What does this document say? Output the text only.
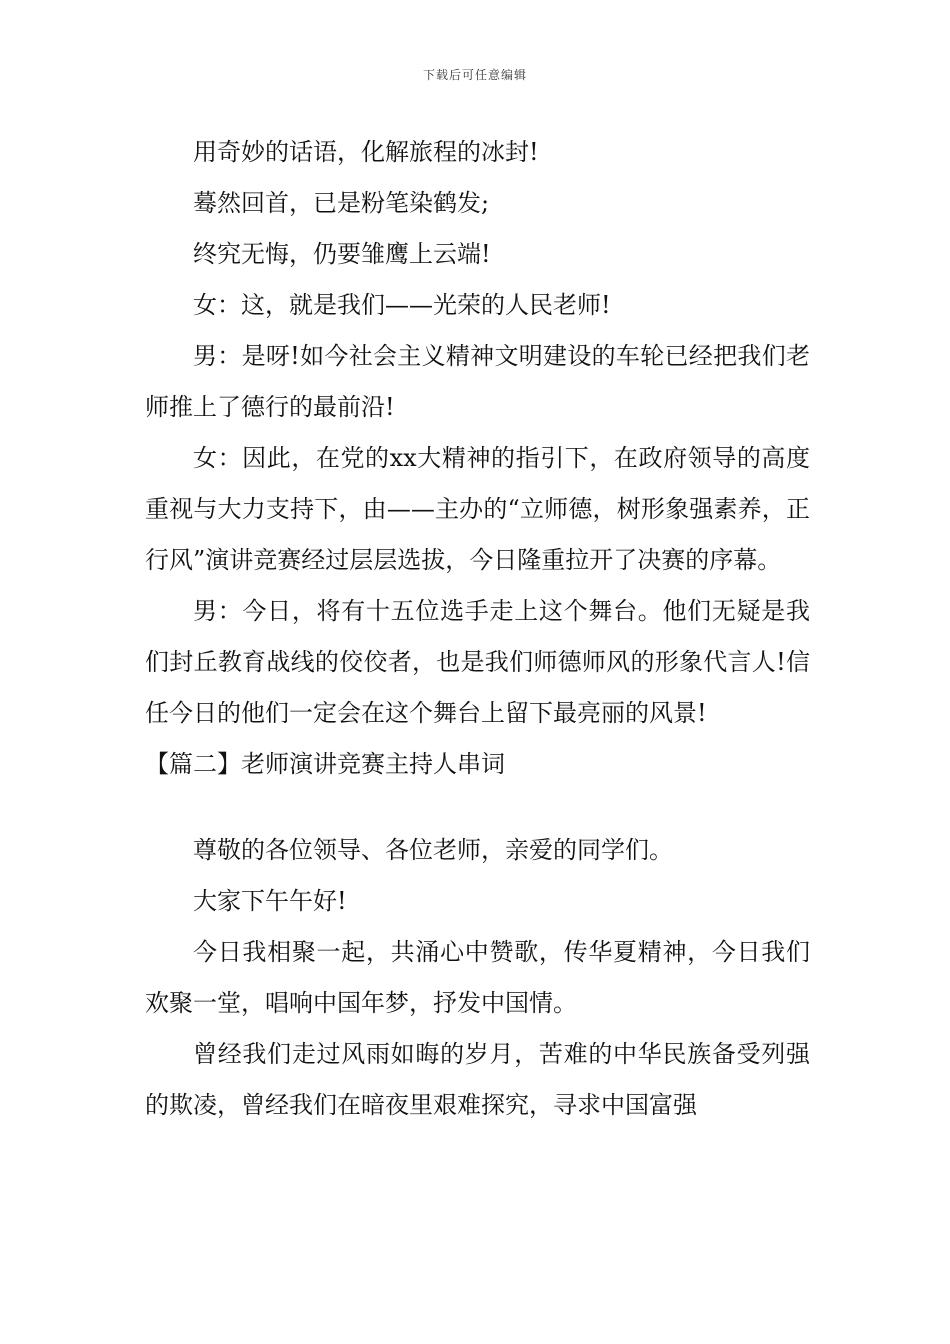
下载后可任意编辑

用奇妙的话语，化解旅程的冰封!

蓦然回首，已是粉笔染鹤发;

终究无悔，仍要雏鹰上云端!

女：这，就是我们——光荣的人民老师!

男：是呀!如今社会主义精神文明建设的车轮已经把我们老师推上了德行的最前沿!

女：因此，在党的xx大精神的指引下，在政府领导的高度重视与大力支持下，由——主办的“立师德，树形象强素养，正行风”演讲竞赛经过层层选拔，今日隆重拉开了决赛的序幕。

男：今日，将有十五位选手走上这个舞台。他们无疑是我们封丘教育战线的佼佼者，也是我们师德师风的形象代言人!信任今日的他们一定会在这个舞台上留下最亮丽的风景!

【篇二】老师演讲竞赛主持人串词

尊敬的各位领导、各位老师，亲爱的同学们。

大家下午午好!

今日我相聚一起，共涌心中赞歌，传华夏精神，今日我们欢聚一堂，唱响中国年梦，抒发中国情。

曾经我们走过风雨如晦的岁月，苦难的中华民族备受列强的欺凌，曾经我们在暗夜里艰难探究，寻求中国富强
